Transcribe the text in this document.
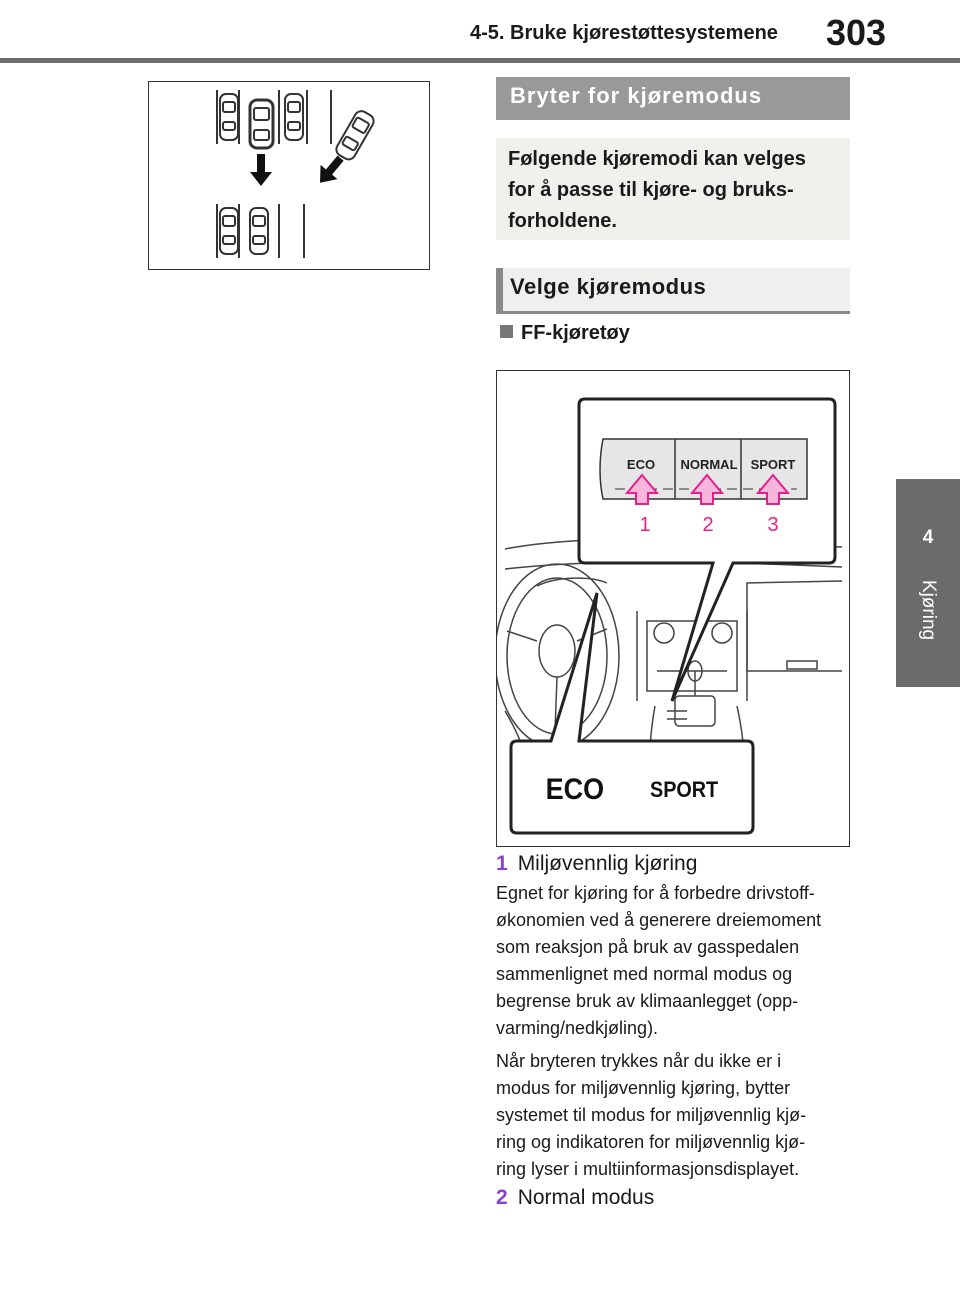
4-5. Bruke kjørestøttesystemene 303
4
Kjøring
Bryter for kjøremodus

Følgende kjøremodi kan velges for å passe til kjøre- og bruks-forholdene.

Velge kjøremodus
FF-kjøretøy
ECO NORMAL SPORT
1	2	3
ECO SPORT
1 Miljøvennlig kjøring

Egnet for kjøring for å forbedre drivstoff-
økonomien ved å generere dreiemoment
som reaksjon på bruk av gasspedalen
sammenlignet med normal modus og
begrense bruk av klimaanlegget (opp-
varming/nedkjøling).

Når bryteren trykkes når du ikke er i
modus for miljøvennlig kjøring, bytter
systemet til modus for miljøvennlig kjø-
ring og indikatoren for miljøvennlig kjø-
ring lyser i multiinformasjonsdisplayet.

2 Normal modus
